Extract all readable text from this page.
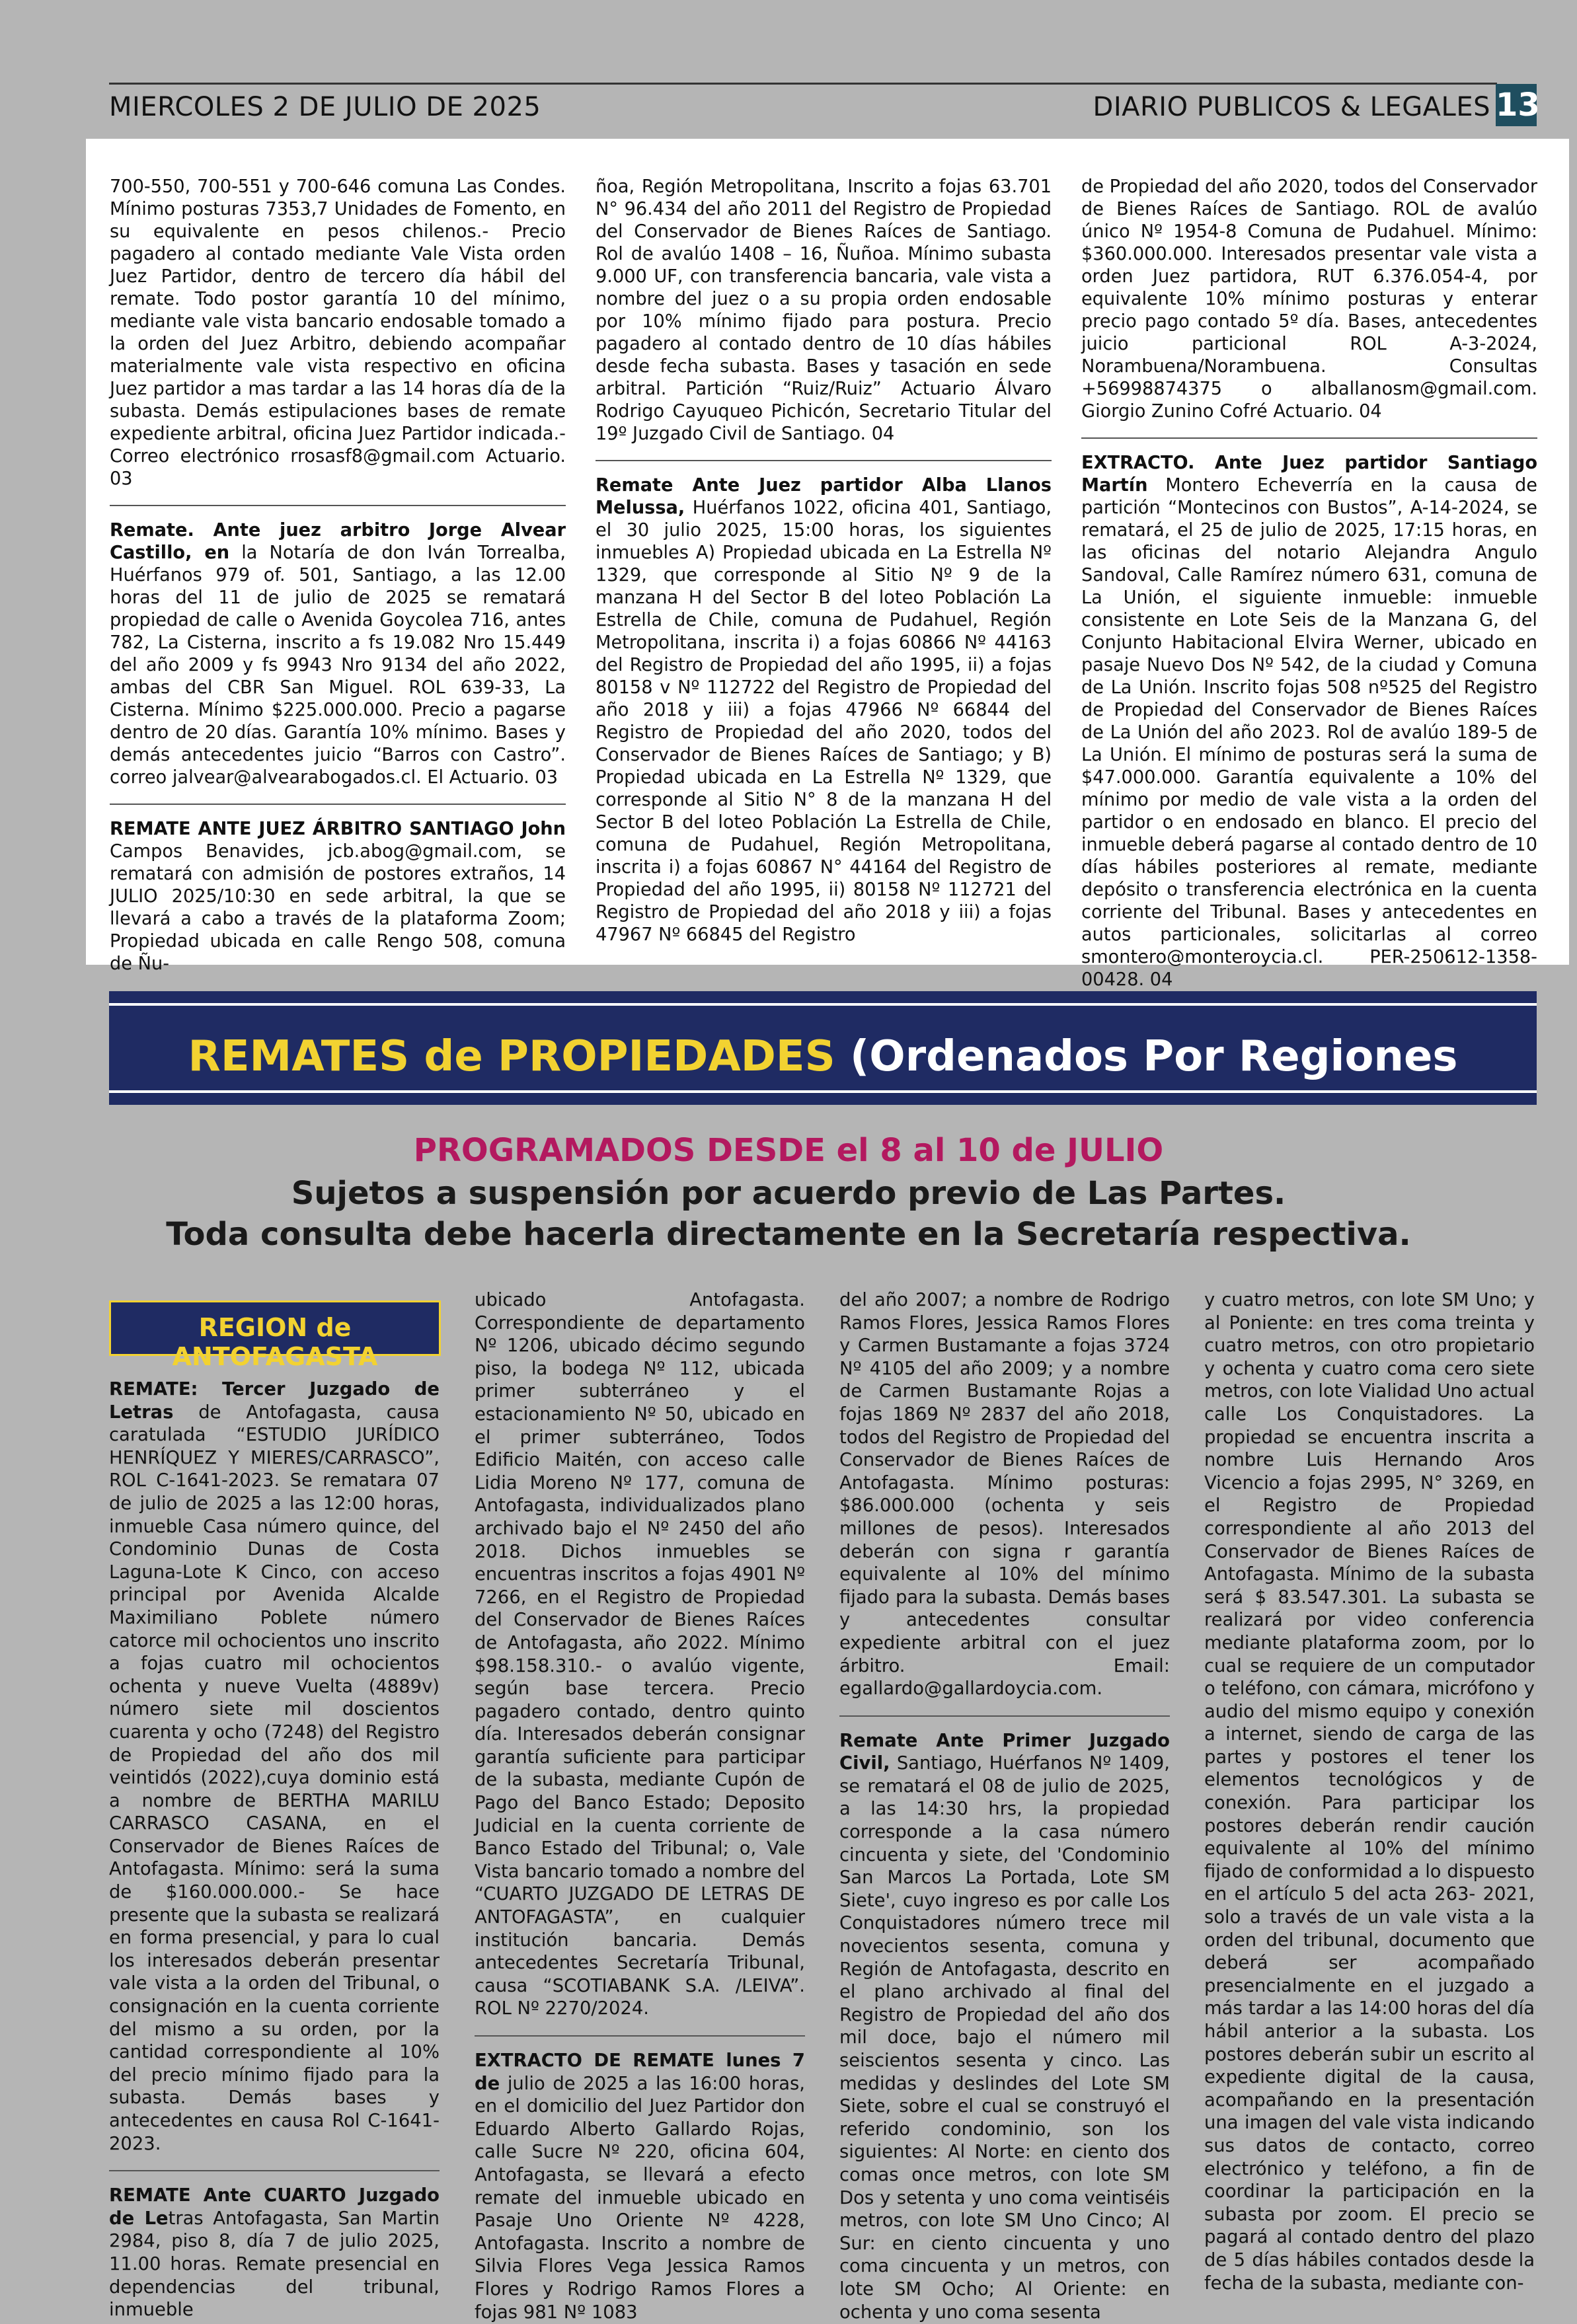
MIERCOLES 2 DE JULIO DE 2025	DIARIO PUBLICOS & LEGALES 13

700-550, 700-551 y 700-646 comuna Las Condes. Mínimo posturas 7353,7 Unidades de Fomento, en su equivalente en pesos chilenos.- Precio pagadero al contado mediante Vale Vista orden Juez Partidor, dentro de tercero día hábil del remate. Todo postor garantía 10 del mínimo, mediante vale vista bancario endosable tomado a la orden del Juez Arbitro, debiendo acompañar materialmente vale vista respectivo en oficina Juez partidor a mas tardar a las 14 horas día de la subasta. Demás estipulaciones bases de remate expediente arbitral, oficina Juez Partidor indicada.- Correo electrónico rrosasf8@gmail.com Actuario. 03

Remate. Ante juez arbitro Jorge Alvear Castillo, en la Notaría de don Iván Torrealba, Huérfanos 979 of. 501, Santiago, a las 12.00 horas del 11 de julio de 2025 se rematará propiedad de calle o Avenida Goycolea 716, antes 782, La Cisterna, inscrito a fs 19.082 Nro 15.449 del año 2009 y fs 9943 Nro 9134 del año 2022, ambas del CBR San Miguel. ROL 639-33, La Cisterna. Mínimo $225.000.000. Precio a pagarse dentro de 20 días. Garantía 10% mínimo. Bases y demás antecedentes juicio “Barros con Castro”. correo jalvear@alvearabogados.cl. El Actuario. 03

REMATE ANTE JUEZ ÁRBITRO SANTIAGO John Campos Benavides, jcb.abog@gmail.com, se rematará con admisión de postores extraños, 14 JULIO 2025/10:30 en sede arbitral, la que se llevará a cabo a través de la plataforma Zoom; Propiedad ubicada en calle Rengo 508, comuna de Ñu-

ñoa, Región Metropolitana, Inscrito a fojas 63.701 N° 96.434 del año 2011 del Registro de Propiedad del Conservador de Bienes Raíces de Santiago. Rol de avalúo 1408 – 16, Ñuñoa. Mínimo subasta 9.000 UF, con transferencia bancaria, vale vista a nombre del juez o a su propia orden endosable por 10% mínimo fijado para postura. Precio pagadero al contado dentro de 10 días hábiles desde fecha subasta. Bases y tasación en sede arbitral. Partición “Ruiz/Ruiz” Actuario Álvaro Rodrigo Cayuqueo Pichicón, Secretario Titular del 19º Juzgado Civil de Santiago. 04

Remate Ante Juez partidor Alba Llanos Melussa, Huérfanos 1022, oficina 401, Santiago, el 30 julio 2025, 15:00 horas, los siguientes inmuebles A) Propiedad ubicada en La Estrella Nº 1329, que corresponde al Sitio Nº 9 de la manzana H del Sector B del loteo Población La Estrella de Chile, comuna de Pudahuel, Región Metropolitana, inscrita i) a fojas 60866 Nº 44163 del Registro de Propiedad del año 1995, ii) a fojas 80158 v Nº 112722 del Registro de Propiedad del año 2018 y iii) a fojas 47966 Nº 66844 del Registro de Propiedad del año 2020, todos del Conservador de Bienes Raíces de Santiago; y B) Propiedad ubicada en La Estrella Nº 1329, que corresponde al Sitio N° 8 de la manzana H del Sector B del loteo Población La Estrella de Chile, comuna de Pudahuel, Región Metropolitana, inscrita i) a fojas 60867 N° 44164 del Registro de Propiedad del año 1995, ii) 80158 Nº 112721 del Registro de Propiedad del año 2018 y iii) a fojas 47967 Nº 66845 del Registro

de Propiedad del año 2020, todos del Conservador de Bienes Raíces de Santiago. ROL de avalúo único Nº 1954-8 Comuna de Pudahuel. Mínimo: $360.000.000. Interesados presentar vale vista a orden Juez partidora, RUT 6.376.054-4, por equivalente 10% mínimo posturas y enterar precio pago contado 5º día. Bases, antecedentes juicio particional ROL A-3-2024, Norambuena/Norambuena. Consultas +56998874375 o alballanosm@gmail.com. Giorgio Zunino Cofré Actuario. 04

EXTRACTO. Ante Juez partidor Santiago Martín Montero Echeverría en la causa de partición “Montecinos con Bustos”, A-14-2024, se rematará, el 25 de julio de 2025, 17:15 horas, en las oficinas del notario Alejandra Angulo Sandoval, Calle Ramírez número 631, comuna de La Unión, el siguiente inmueble: inmueble consistente en Lote Seis de la Manzana G, del Conjunto Habitacional Elvira Werner, ubicado en pasaje Nuevo Dos Nº 542, de la ciudad y Comuna de La Unión. Inscrito fojas 508 nº525 del Registro de Propiedad del Conservador de Bienes Raíces de La Unión del año 2023. Rol de avalúo 189-5 de La Unión. El mínimo de posturas será la suma de $47.000.000. Garantía equivalente a 10% del mínimo por medio de vale vista a la orden del partidor o en endosado en blanco. El precio del inmueble deberá pagarse al contado dentro de 10 días hábiles posteriores al remate, mediante depósito o transferencia electrónica en la cuenta corriente del Tribunal. Bases y antecedentes en autos particionales, solicitarlas al correo smontero@monteroycia.cl. PER-250612-1358-00428. 04

REMATES de PROPIEDADES (Ordenados Por Regiones
PROGRAMADOS DESDE el 8 al 10 de JULIO
Sujetos a suspensión por acuerdo previo de Las Partes.
Toda consulta debe hacerla directamente en la Secretaría respectiva.
REGION de ANTOFAGASTA

REMATE: Tercer Juzgado de Letras de Antofagasta, causa caratulada “ESTUDIO JURÍDICO HENRÍQUEZ Y MIERES/CARRASCO”, ROL C-1641-2023. Se rematara 07 de julio de 2025 a las 12:00 horas, inmueble Casa número quince, del Condominio Dunas de Costa Laguna-Lote K Cinco, con acceso principal por Avenida Alcalde Maximiliano Poblete número catorce mil ochocientos uno inscrito a fojas cuatro mil ochocientos ochenta y nueve Vuelta (4889v) número siete mil doscientos cuarenta y ocho (7248) del Registro de Propiedad del año dos mil veintidós (2022),cuya dominio está a nombre de BERTHA MARILU CARRASCO CASANA, en el Conservador de Bienes Raíces de Antofagasta. Mínimo: será la suma de $160.000.000.- Se hace presente que la subasta se realizará en forma presencial, y para lo cual los interesados deberán presentar vale vista a la orden del Tribunal, o consignación en la cuenta corriente del mismo a su orden, por la cantidad correspondiente al 10% del precio mínimo fijado para la subasta. Demás bases y antecedentes en causa Rol C-1641-2023.

REMATE Ante CUARTO Juzgado de Letras Antofagasta, San Martin 2984, piso 8, día 7 de julio 2025, 11.00 horas. Remate presencial en dependencias del tribunal, inmueble

ubicado Antofagasta. Correspondiente de departamento Nº 1206, ubicado décimo segundo piso, la bodega Nº 112, ubicada primer subterráneo y el estacionamiento Nº 50, ubicado en el primer subterráneo, Todos Edificio Maitén, con acceso calle Lidia Moreno Nº 177, comuna de Antofagasta, individualizados plano archivado bajo el Nº 2450 del año 2018. Dichos inmuebles se encuentras inscritos a fojas 4901 Nº 7266, en el Registro de Propiedad del Conservador de Bienes Raíces de Antofagasta, año 2022. Mínimo $98.158.310.- o avalúo vigente, según base tercera. Precio pagadero contado, dentro quinto día. Interesados deberán consignar garantía suficiente para participar de la subasta, mediante Cupón de Pago del Banco Estado; Deposito Judicial en la cuenta corriente de Banco Estado del Tribunal; o, Vale Vista bancario tomado a nombre del “CUARTO JUZGADO DE LETRAS DE ANTOFAGASTA”, en cualquier institución bancaria. Demás antecedentes Secretaría Tribunal, causa “SCOTIABANK S.A. /LEIVA”. ROL Nº 2270/2024.

EXTRACTO DE REMATE lunes 7 de julio de 2025 a las 16:00 horas, en el domicilio del Juez Partidor don Eduardo Alberto Gallardo Rojas, calle Sucre Nº 220, oficina 604, Antofagasta, se llevará a efecto remate del inmueble ubicado en Pasaje Uno Oriente Nº 4228, Antofagasta. Inscrito a nombre de Silvia Flores Vega Jessica Ramos Flores y Rodrigo Ramos Flores a fojas 981 Nº 1083

del año 2007; a nombre de Rodrigo Ramos Flores, Jessica Ramos Flores y Carmen Bustamante a fojas 3724 Nº 4105 del año 2009; y a nombre de Carmen Bustamante Rojas a fojas 1869 Nº 2837 del año 2018, todos del Registro de Propiedad del Conservador de Bienes Raíces de Antofagasta. Mínimo posturas: $86.000.000 (ochenta y seis millones de pesos). Interesados deberán con signa r garantía equivalente al 10% del mínimo fijado para la subasta. Demás bases y antecedentes consultar expediente arbitral con el juez árbitro. Email: egallardo@gallardoycia.com.

Remate Ante Primer Juzgado Civil, Santiago, Huérfanos Nº 1409, se rematará el 08 de julio de 2025, a las 14:30 hrs, la propiedad corresponde a la casa número cincuenta y siete, del 'Condominio San Marcos La Portada, Lote SM Siete', cuyo ingreso es por calle Los Conquistadores número trece mil novecientos sesenta, comuna y Región de Antofagasta, descrito en el plano archivado al final del Registro de Propiedad del año dos mil doce, bajo el número mil seiscientos sesenta y cinco. Las medidas y deslindes del Lote SM Siete, sobre el cual se construyó el referido condominio, son los siguientes: Al Norte: en ciento dos comas once metros, con lote SM Dos y setenta y uno coma veintiséis metros, con lote SM Uno Cinco; Al Sur: en ciento cincuenta y uno coma cincuenta y un metros, con lote SM Ocho; Al Oriente: en ochenta y uno coma sesenta

y cuatro metros, con lote SM Uno; y al Poniente: en tres coma treinta y cuatro metros, con otro propietario y ochenta y cuatro coma cero siete metros, con lote Vialidad Uno actual calle Los Conquistadores. La propiedad se encuentra inscrita a nombre Luis Hernando Aros Vicencio a fojas 2995, N° 3269, en el Registro de Propiedad correspondiente al año 2013 del Conservador de Bienes Raíces de Antofagasta. Mínimo de la subasta será $ 83.547.301. La subasta se realizará por video conferencia mediante plataforma zoom, por lo cual se requiere de un computador o teléfono, con cámara, micrófono y audio del mismo equipo y conexión a internet, siendo de carga de las partes y postores el tener los elementos tecnológicos y de conexión. Para participar los postores deberán rendir caución equivalente al 10% del mínimo fijado de conformidad a lo dispuesto en el artículo 5 del acta 263- 2021, solo a través de un vale vista a la orden del tribunal, documento que deberá ser acompañado presencialmente en el juzgado a más tardar a las 14:00 horas del día hábil anterior a la subasta. Los postores deberán subir un escrito al expediente digital de la causa, acompañando en la presentación una imagen del vale vista indicando sus datos de contacto, correo electrónico y teléfono, a fin de coordinar la participación en la subasta por zoom. El precio se pagará al contado dentro del plazo de 5 días hábiles contados desde la fecha de la subasta, mediante con-
